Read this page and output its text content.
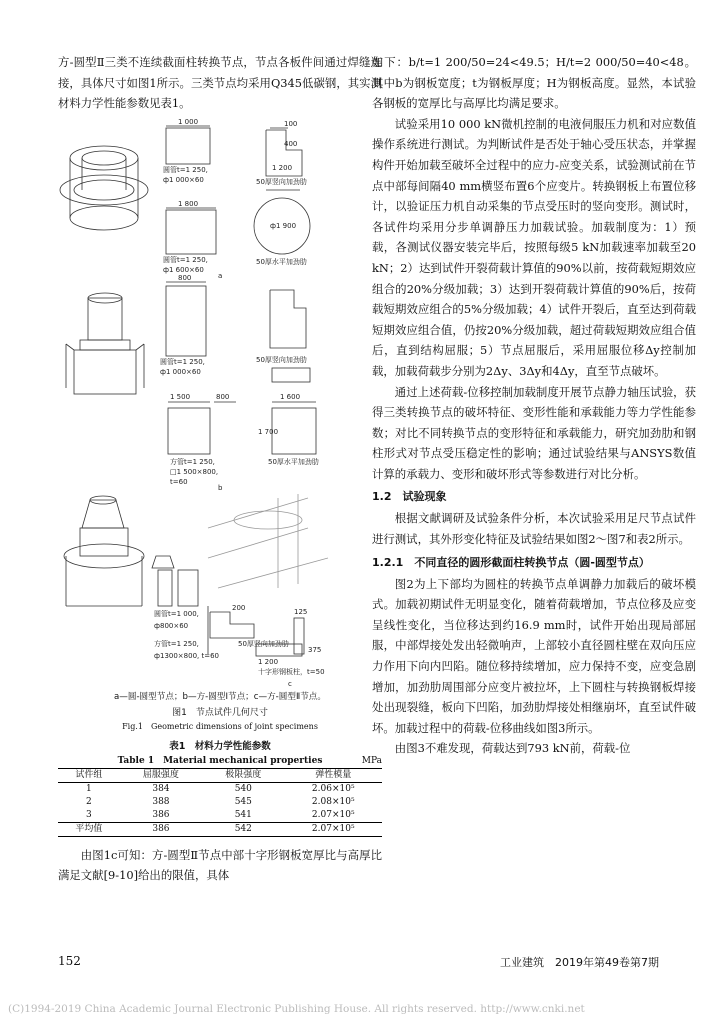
方-圆型Ⅱ三类不连续截面柱转换节点，节点各板件间通过焊缝连接，具体尺寸如图1所示。三类节点均采用Q345低碳钢，其实测材料力学性能参数见表1。

1 000
圆管t=1 250,
ф1 000×60
100
400
1 200
50厚竖向加劲肋
1 800
圆管t=1 250,
ф1 600×60
ф1 900
50厚水平加劲肋
a
800
圆管t=1 250,
ф1 000×60
50厚竖向加劲肋
1 500	800	1 600
方管t=1 250,
□1 500×800,
t=60
1 700
50厚水平加劲肋
b
圆管t=1 000,
ф800×60
方管t=1 250,
ф1300×800, t=60
200
50厚竖向加劲肋
125
1 200
375
十字形钢板柱，t=50
c

a—圆-圆型节点；b—方-圆型Ⅰ节点；c—方-圆型Ⅱ节点。

图1　节点试件几何尺寸

Fig.1　Geometric dimensions of joint specimens

表1　材料力学性能参数

Table 1　Material mechanical properties	MPa

试件组	屈服强度	极限强度	弹性模量
1	384	540	2.06×10⁵
2	388	545	2.08×10⁵
3	386	541	2.07×10⁵
平均值	386	542	2.07×10⁵

由图1c可知：方-圆型Ⅱ节点中部十字形钢板宽厚比与高厚比满足文献[9-10]给出的限值，具体

如下：b/t=1 200/50=24<49.5；H/t=2 000/50=40<48。其中b为钢板宽度；t为钢板厚度；H为钢板高度。显然，本试验各钢板的宽厚比与高厚比均满足要求。

试验采用10 000 kN微机控制的电液伺服压力机和对应数值操作系统进行测试。为判断试件是否处于轴心受压状态，并掌握构件开始加载至破坏全过程中的应力-应变关系，试验测试前在节点中部每间隔40 mm横竖布置6个应变片。转换钢板上布置位移计，以验证压力机自动采集的节点受压时的竖向变形。测试时，各试件均采用分步单调静压力加载试验。加载制度为：1）预载，各测试仪器安装完毕后，按照每级5 kN加载速率加载至20 kN；2）达到试件开裂荷载计算值的90%以前，按荷载短期效应组合的20%分级加载；3）达到开裂荷载计算值的90%后，按荷载短期效应组合的5%分级加载；4）试件开裂后，直至达到荷载短期效应组合值，仍按20%分级加载，超过荷载短期效应组合值后，直到结构屈服；5）节点屈服后，采用屈服位移Δy控制加载，加载荷载步分别为2Δy、3Δy和4Δy，直至节点破坏。

通过上述荷载-位移控制加载制度开展节点静力轴压试验，获得三类转换节点的破坏特征、变形性能和承载能力等力学性能参数；对比不同转换节点的变形特征和承载能力，研究加劲肋和钢柱形式对节点受压稳定性的影响；通过试验结果与ANSYS数值计算的承载力、变形和破坏形式等参数进行对比分析。

1.2　试验现象

根据文献调研及试验条件分析，本次试验采用足尺节点试件进行测试，其外形变化特征及试验结果如图2～图7和表2所示。

1.2.1　不同直径的圆形截面柱转换节点（圆-圆型节点）

图2为上下部均为圆柱的转换节点单调静力加载后的破坏模式。加载初期试件无明显变化，随着荷载增加，节点位移及应变呈线性变化，当位移达到约16.9 mm时，试件开始出现局部屈服，中部焊接处发出轻微响声，上部较小直径圆柱壁在双向压应力作用下向内凹陷。随位移持续增加，应力保持不变，应变急剧增加，加劲肋周围部分应变片被拉坏，上下圆柱与转换钢板焊接处出现裂缝，板向下凹陷，加劲肋焊接处相继崩坏，直至试件破坏。加载过程中的荷载-位移曲线如图3所示。

由图3不难发现，荷载达到793 kN前，荷载-位

152	工业建筑　2019年第49卷第7期
(C)1994-2019 China Academic Journal Electronic Publishing House. All rights reserved. http://www.cnki.net
